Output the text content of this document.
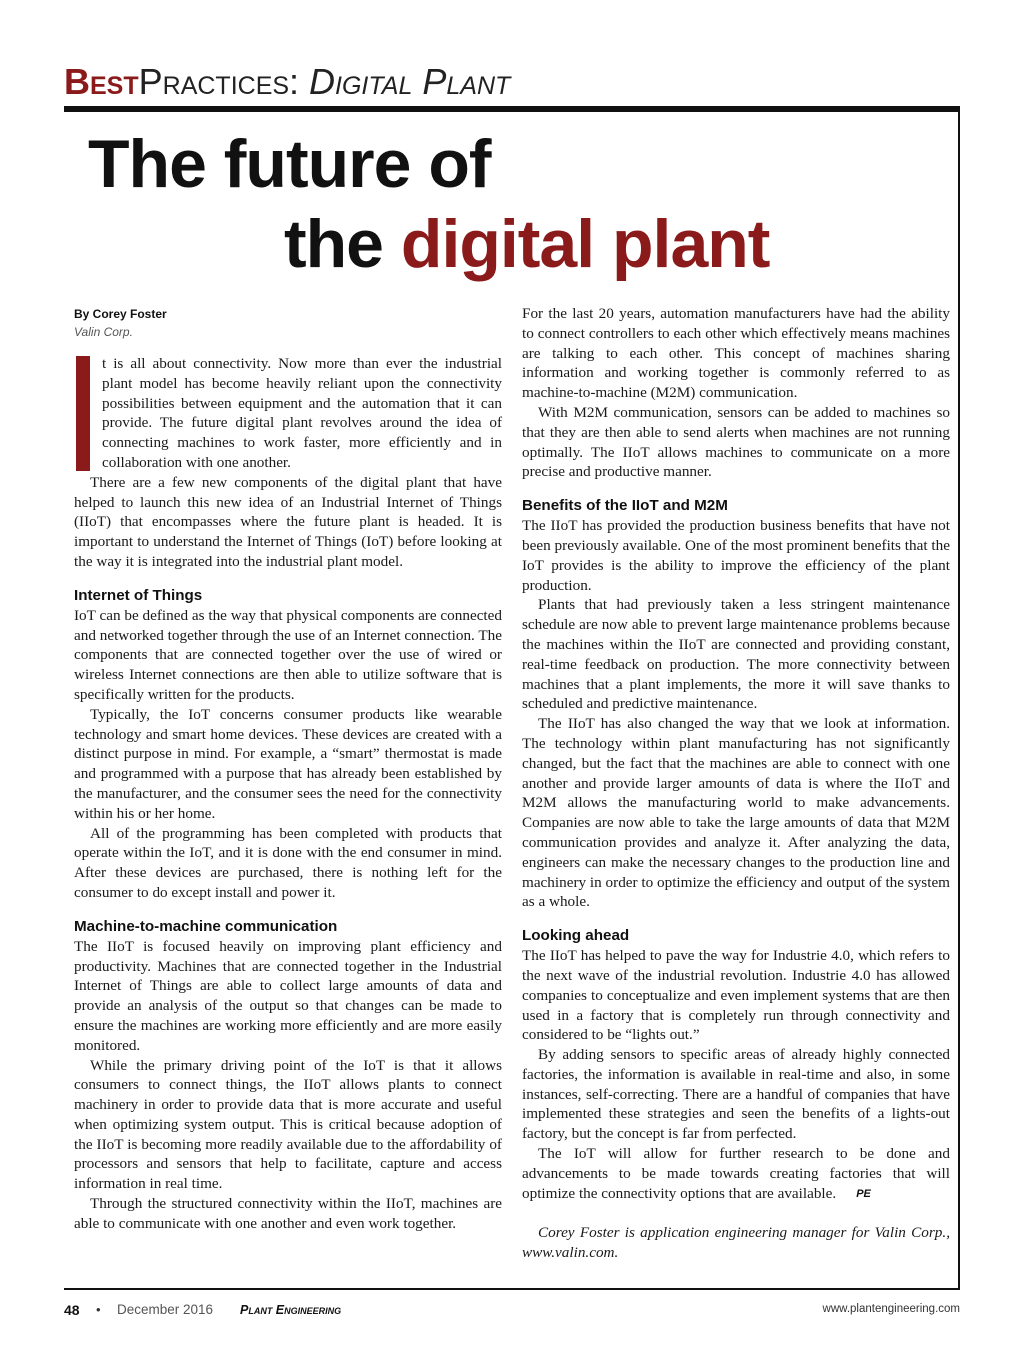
BestPractices: Digital Plant
The future of
the digital plant
By Corey Foster
Valin Corp.

t is all about connectivity. Now more than ever the industrial plant model has become heavily reliant upon the connectivity possibilities between equipment and the automation that it can provide. The future digital plant revolves around the idea of connecting machines to work faster, more efficiently and in collaboration with one another.

There are a few new components of the digital plant that have helped to launch this new idea of an Industrial Internet of Things (IIoT) that encompasses where the future plant is headed. It is important to understand the Internet of Things (IoT) before looking at the way it is integrated into the industrial plant model.

Internet of Things

IoT can be defined as the way that physical components are connected and networked together through the use of an Internet connection. The components that are connected together over the use of wired or wireless Internet connections are then able to utilize software that is specifically written for the products.

Typically, the IoT concerns consumer products like wearable technology and smart home devices. These devices are created with a distinct purpose in mind. For example, a “smart” thermostat is made and programmed with a purpose that has already been established by the manufacturer, and the consumer sees the need for the connectivity within his or her home.

All of the programming has been completed with products that operate within the IoT, and it is done with the end consumer in mind. After these devices are purchased, there is nothing left for the consumer to do except install and power it.

Machine-to-machine communication

The IIoT is focused heavily on improving plant efficiency and productivity. Machines that are connected together in the Industrial Internet of Things are able to collect large amounts of data and provide an analysis of the output so that changes can be made to ensure the machines are working more efficiently and are more easily monitored.

While the primary driving point of the IoT is that it allows consumers to connect things, the IIoT allows plants to connect machinery in order to provide data that is more accurate and useful when optimizing system output. This is critical because adoption of the IIoT is becoming more readily available due to the affordability of processors and sensors that help to facilitate, capture and access information in real time.

Through the structured connectivity within the IIoT, machines are able to communicate with one another and even work together.

For the last 20 years, automation manufacturers have had the ability to connect controllers to each other which effectively means machines are talking to each other. This concept of machines sharing information and working together is commonly referred to as machine-to-machine (M2M) communication.

With M2M communication, sensors can be added to machines so that they are then able to send alerts when machines are not running optimally. The IIoT allows machines to communicate on a more precise and productive manner.

Benefits of the IIoT and M2M

The IIoT has provided the production business benefits that have not been previously available. One of the most prominent benefits that the IoT provides is the ability to improve the efficiency of the plant production.

Plants that had previously taken a less stringent maintenance schedule are now able to prevent large maintenance problems because the machines within the IIoT are connected and providing constant, real-time feedback on production. The more connectivity between machines that a plant implements, the more it will save thanks to scheduled and predictive maintenance.

The IIoT has also changed the way that we look at information. The technology within plant manufacturing has not significantly changed, but the fact that the machines are able to connect with one another and provide larger amounts of data is where the IIoT and M2M allows the manufacturing world to make advancements. Companies are now able to take the large amounts of data that M2M communication provides and analyze it. After analyzing the data, engineers can make the necessary changes to the production line and machinery in order to optimize the efficiency and output of the system as a whole.

Looking ahead

The IIoT has helped to pave the way for Industrie 4.0, which refers to the next wave of the industrial revolution. Industrie 4.0 has allowed companies to conceptualize and even implement systems that are then used in a factory that is completely run through connectivity and considered to be “lights out.”

By adding sensors to specific areas of already highly connected factories, the information is available in real-time and also, in some instances, self-correcting. There are a handful of companies that have implemented these strategies and seen the benefits of a lights-out factory, but the concept is far from perfected.

The IoT will allow for further research to be done and advancements to be made towards creating factories that will optimize the connectivity options that are available. PE

Corey Foster is application engineering manager for Valin Corp., www.valin.com.

48 • December 2016 Plant Engineering	www.plantengineering.com
